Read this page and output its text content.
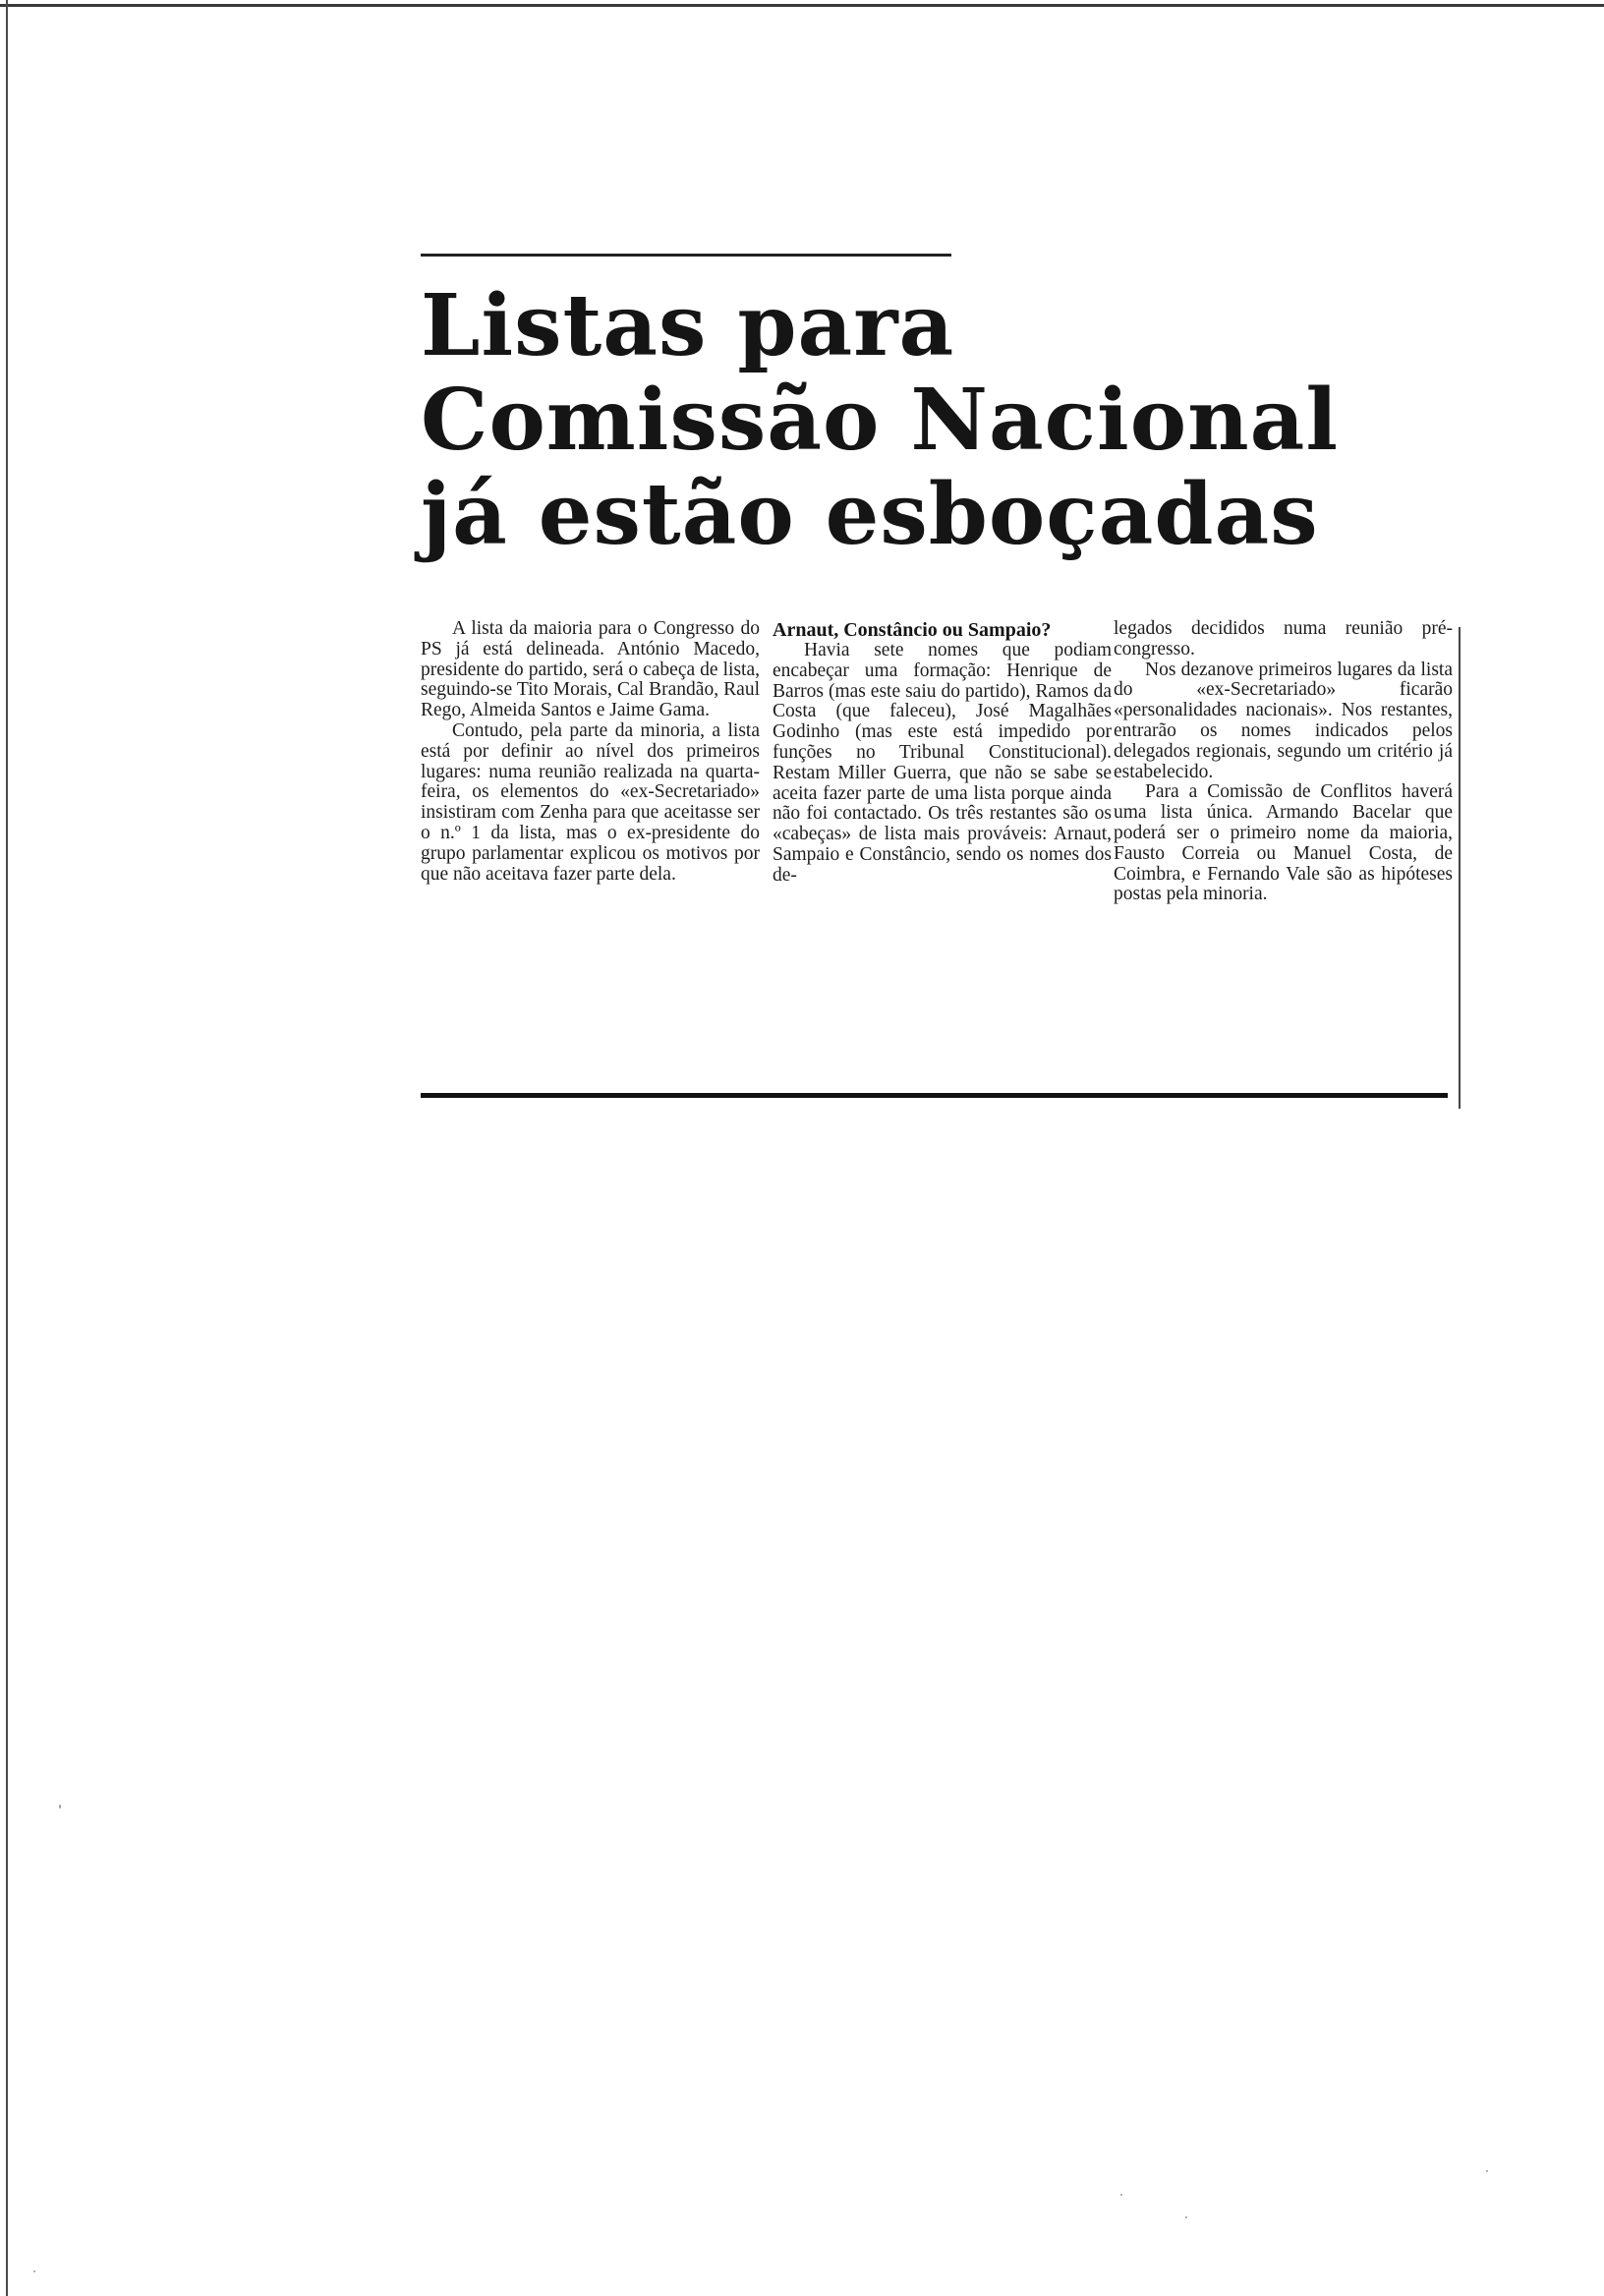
Listas para
Comissão Nacional
já estão esboçadas

A lista da maioria para o Congresso do PS já está delineada. António Macedo, presidente do partido, será o cabeça de lista, seguindo-se Tito Morais, Cal Brandão, Raul Rego, Almeida Santos e Jaime Gama.

Contudo, pela parte da minoria, a lista está por definir ao nível dos primeiros lugares: numa reunião realizada na quarta-feira, os elementos do «ex-Secretariado» insistiram com Zenha para que aceitasse ser o n.º 1 da lista, mas o ex-presidente do grupo parlamentar explicou os motivos por que não aceitava fazer parte dela.

Arnaut, Constâncio ou Sampaio?

Havia sete nomes que podiam encabeçar uma formação: Henrique de Barros (mas este saiu do partido), Ramos da Costa (que faleceu), José Magalhães Godinho (mas este está impedido por funções no Tribunal Constitucional). Restam Miller Guerra, que não se sabe se aceita fazer parte de uma lista porque ainda não foi contactado. Os três restantes são os «cabeças» de lista mais prováveis: Arnaut, Sampaio e Constâncio, sendo os nomes dos de-

legados decididos numa reunião pré-congresso.

Nos dezanove primeiros lugares da lista do «ex-Secretariado» ficarão «personalidades nacionais». Nos restantes, entrarão os nomes indicados pelos delegados regionais, segundo um critério já estabelecido.

Para a Comissão de Conflitos haverá uma lista única. Armando Bacelar que poderá ser o primeiro nome da maioria, Fausto Correia ou Manuel Costa, de Coimbra, e Fernando Vale são as hipóteses postas pela minoria.
